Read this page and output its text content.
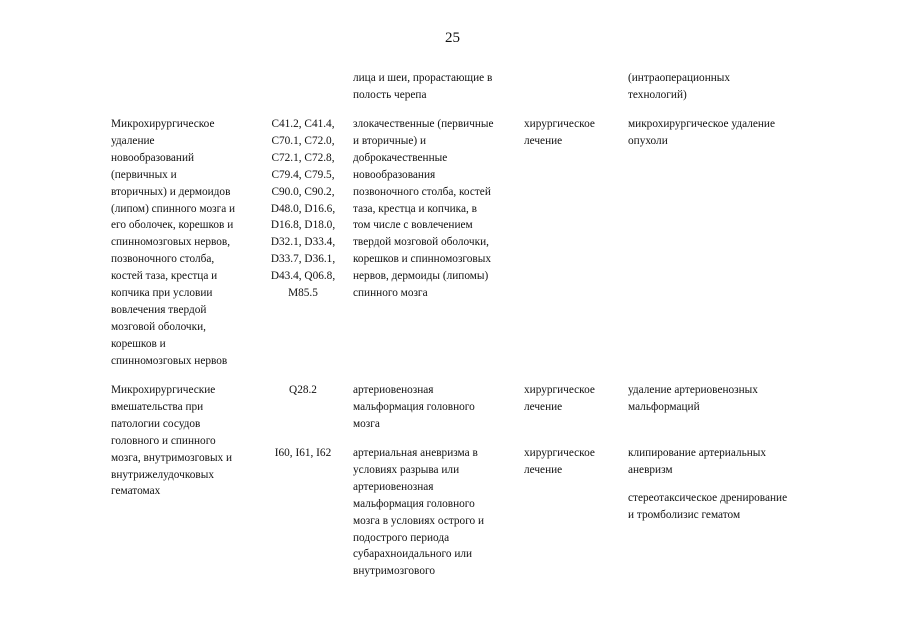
25
лица и шеи, прорастающие в
полость черепа
(интраоперационных
технологий)
Микрохирургическое
удаление
новообразований
(первичных и
вторичных) и дермоидов
(липом) спинного мозга и
его оболочек, корешков и
спинномозговых нервов,
позвоночного столба,
костей таза, крестца и
копчика при условии
вовлечения твердой
мозговой оболочки,
корешков и
спинномозговых нервов
C41.2, C41.4,
C70.1, C72.0,
C72.1, C72.8,
C79.4, C79.5,
C90.0, C90.2,
D48.0, D16.6,
D16.8, D18.0,
D32.1, D33.4,
D33.7, D36.1,
D43.4, Q06.8,
M85.5
злокачественные (первичные
и вторичные) и
доброкачественные
новообразования
позвоночного столба, костей
таза, крестца и копчика, в
том числе с вовлечением
твердой мозговой оболочки,
корешков и спинномозговых
нервов, дермоиды (липомы)
спинного мозга
хирургическое
лечение
микрохирургическое удаление
опухоли
Микрохирургические
вмешательства при
патологии сосудов
головного и спинного
мозга, внутримозговых и
внутрижелудочковых
гематомах
Q28.2	артериовенозная
мальформация головного
мозга
хирургическое
лечение
удаление артериовенозных
мальформаций
I60, I61, I62	артериальная аневризма в
условиях разрыва или
артериовенозная
мальформация головного
мозга в условиях острого и
подострого периода
субарахноидального или
внутримозгового
хирургическое
лечение
клипирование артериальных
аневризм
стереотаксическое дренирование
и тромболизис гематом
